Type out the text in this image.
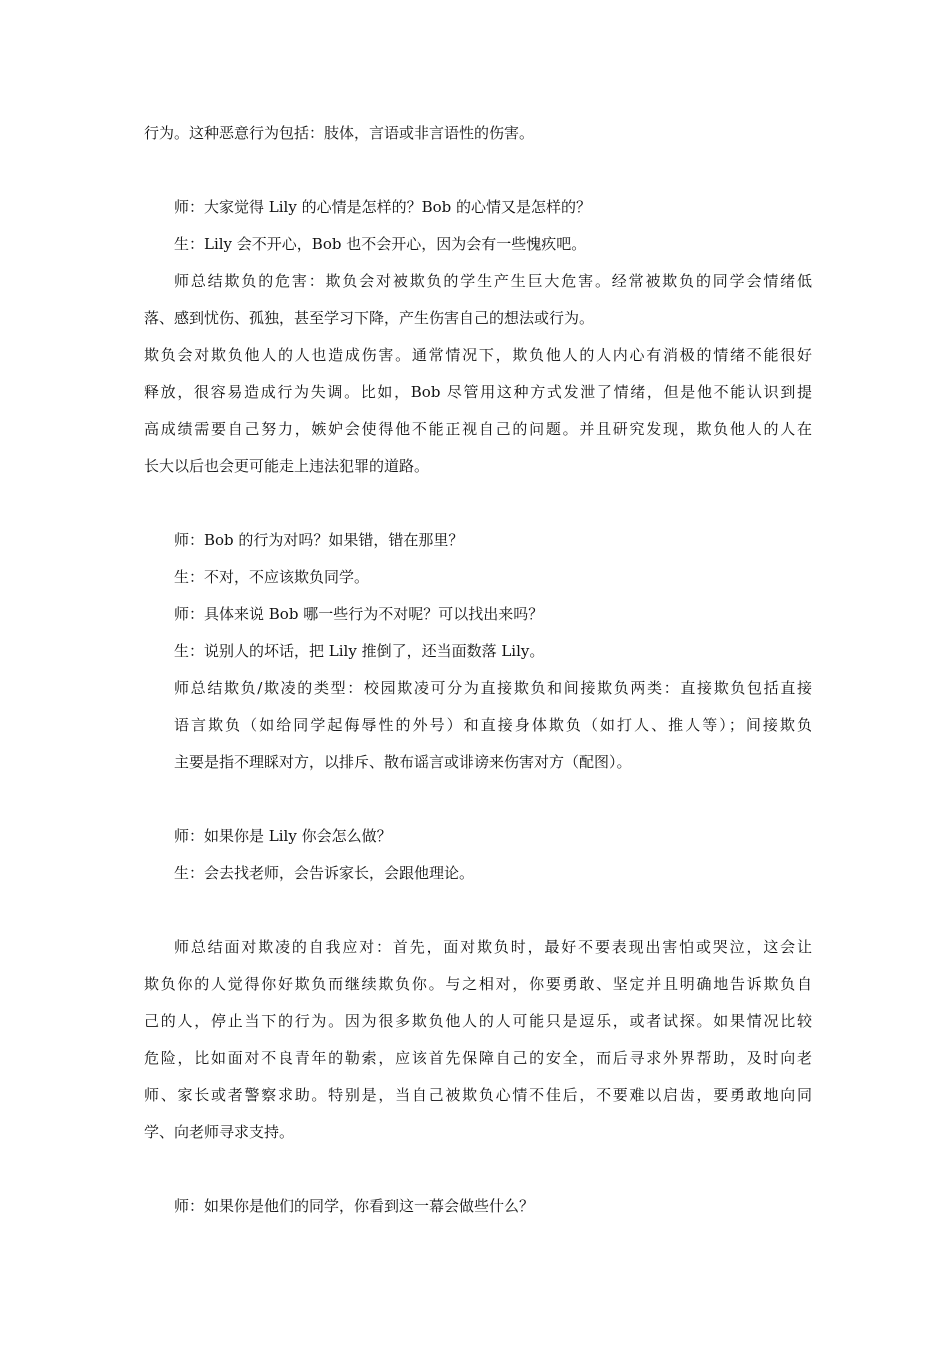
行为。这种恶意行为包括：肢体，言语或非言语性的伤害。
师：大家觉得 Lily 的心情是怎样的？Bob 的心情又是怎样的？
生：Lily 会不开心，Bob 也不会开心，因为会有一些愧疚吧。
师总结欺负的危害：欺负会对被欺负的学生产生巨大危害。经常被欺负的同学会情绪低
落、感到忧伤、孤独，甚至学习下降，产生伤害自己的想法或行为。
欺负会对欺负他人的人也造成伤害。通常情况下，欺负他人的人内心有消极的情绪不能很好
释放，很容易造成行为失调。比如，Bob 尽管用这种方式发泄了情绪，但是他不能认识到提
高成绩需要自己努力，嫉妒会使得他不能正视自己的问题。并且研究发现，欺负他人的人在
长大以后也会更可能走上违法犯罪的道路。
师：Bob 的行为对吗？如果错，错在那里？
生：不对，不应该欺负同学。
师：具体来说 Bob 哪一些行为不对呢？可以找出来吗？
生：说别人的坏话，把 Lily 推倒了，还当面数落 Lily。
师总结欺负/欺凌的类型：校园欺凌可分为直接欺负和间接欺负两类：直接欺负包括直接
语言欺负（如给同学起侮辱性的外号）和直接身体欺负（如打人、推人等）；间接欺负
主要是指不理睬对方，以排斥、散布谣言或诽谤来伤害对方（配图）。
师：如果你是 Lily 你会怎么做？
生：会去找老师，会告诉家长，会跟他理论。
师总结面对欺凌的自我应对：首先，面对欺负时，最好不要表现出害怕或哭泣，这会让
欺负你的人觉得你好欺负而继续欺负你。与之相对，你要勇敢、坚定并且明确地告诉欺负自
己的人，停止当下的行为。因为很多欺负他人的人可能只是逗乐，或者试探。如果情况比较
危险，比如面对不良青年的勒索，应该首先保障自己的安全，而后寻求外界帮助，及时向老
师、家长或者警察求助。特别是，当自己被欺负心情不佳后，不要难以启齿，要勇敢地向同
学、向老师寻求支持。
师：如果你是他们的同学，你看到这一幕会做些什么？
